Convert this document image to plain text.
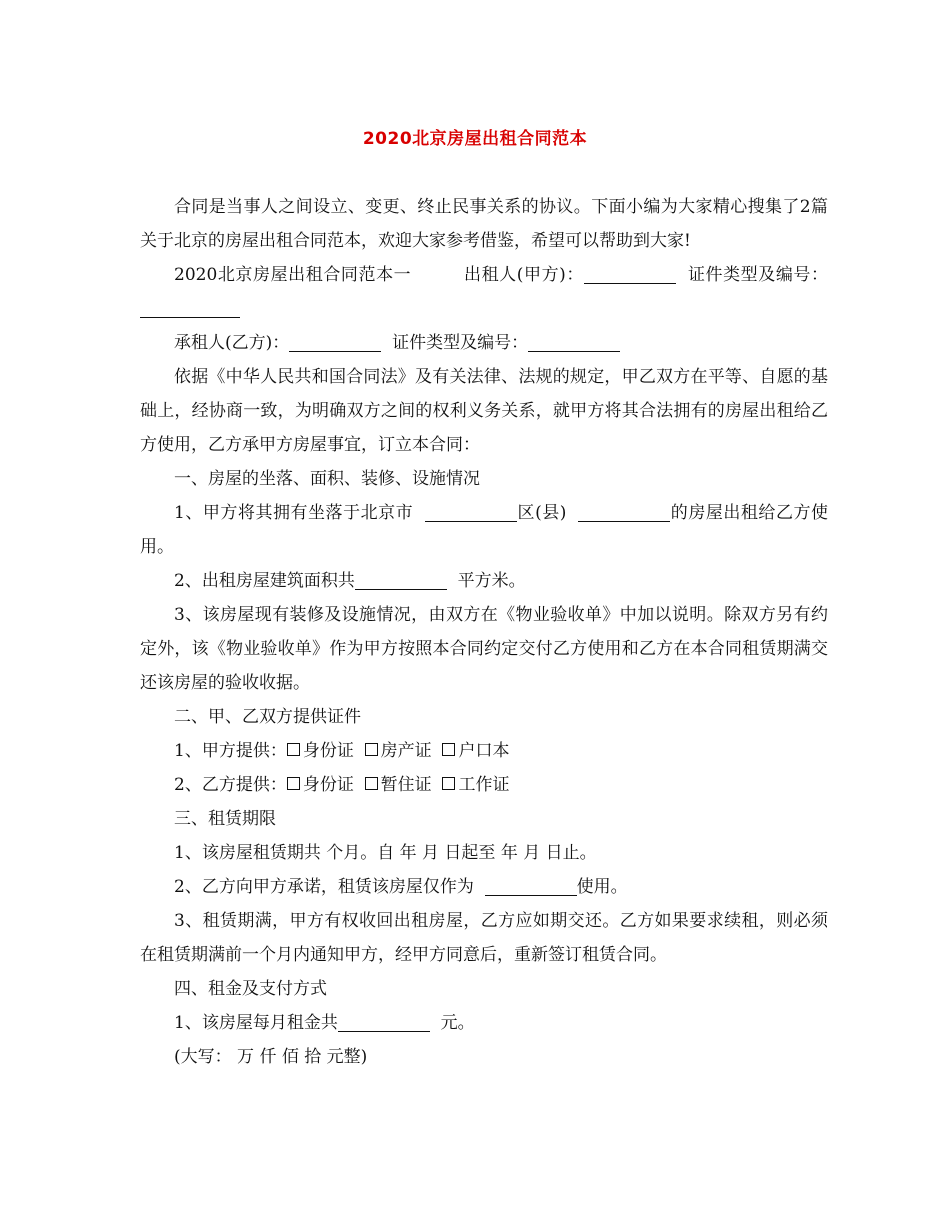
2020北京房屋出租合同范本

合同是当事人之间设立、变更、终止民事关系的协议。下面小编为大家精心搜集了2篇关于北京的房屋出租合同范本，欢迎大家参考借鉴，希望可以帮助到大家!

2020北京房屋出租合同范本一　　　	出租人(甲方)：	证件类型及编号：

承租人(乙方)：	证件类型及编号：

依据《中华人民共和国合同法》及有关法律、法规的规定，甲乙双方在平等、自愿的基础上，经协商一致，为明确双方之间的权利义务关系，就甲方将其合法拥有的房屋出租给乙方使用，乙方承甲方房屋事宜，订立本合同：

一、房屋的坐落、面积、装修、设施情况

1、甲方将其拥有坐落于北京市	区(县)	的房屋出租给乙方使用。

2、出租房屋建筑面积共	平方米。

3、该房屋现有装修及设施情况，由双方在《物业验收单》中加以说明。除双方另有约定外，该《物业验收单》作为甲方按照本合同约定交付乙方使用和乙方在本合同租赁期满交还该房屋的验收收据。

二、甲、乙双方提供证件

1、甲方提供： 身份证 房产证 户口本

2、乙方提供： 身份证 暂住证 工作证

三、租赁期限

1、该房屋租赁期共 个月。自 年 月 日起至 年 月 日止。

2、乙方向甲方承诺，租赁该房屋仅作为	使用。

3、租赁期满，甲方有权收回出租房屋，乙方应如期交还。乙方如果要求续租，则必须在租赁期满前一个月内通知甲方，经甲方同意后，重新签订租赁合同。

四、租金及支付方式

1、该房屋每月租金共	元。

(大写： 万 仟 佰 拾 元整)
